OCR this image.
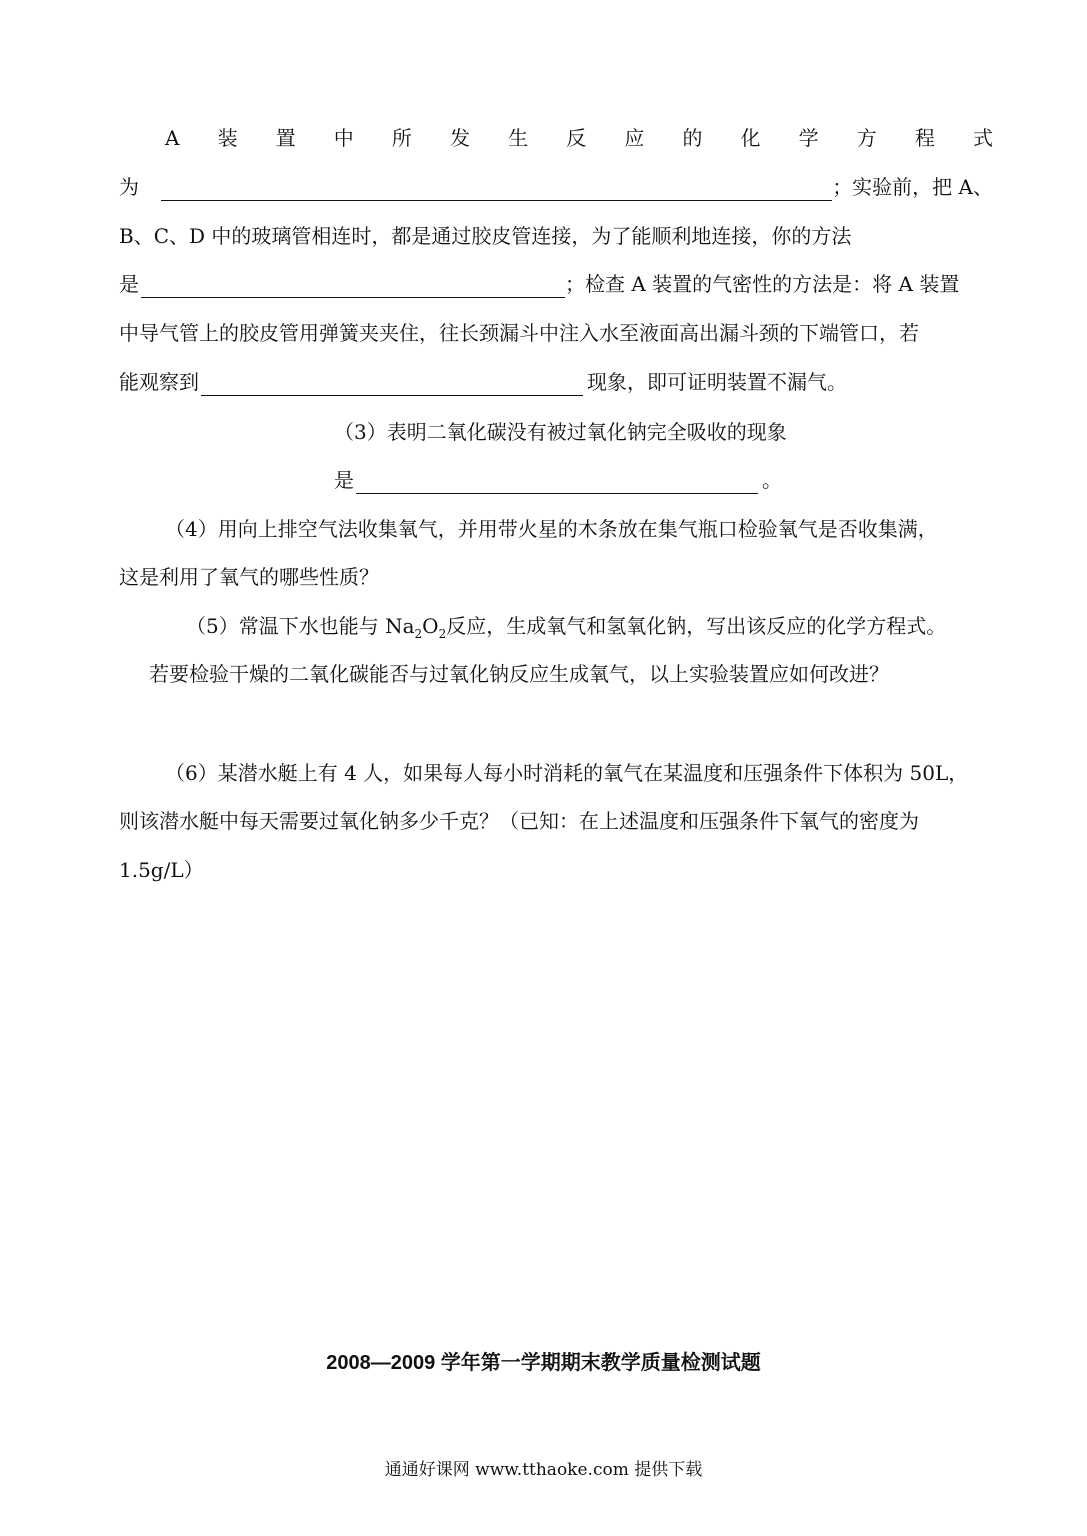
A 装 置 中 所 发 生 反 应 的 化 学 方 程 式
为	；实验前，把 A、
B、C、D 中的玻璃管相连时，都是通过胶皮管连接，为了能顺利地连接，你的方法
是	；检查 A 装置的气密性的方法是：将 A 装置
中导气管上的胶皮管用弹簧夹夹住，往长颈漏斗中注入水至液面高出漏斗颈的下端管口，若
能观察到	现象，即可证明装置不漏气。
（3）表明二氧化碳没有被过氧化钠完全吸收的现象
是	。
（4）用向上排空气法收集氧气，并用带火星的木条放在集气瓶口检验氧气是否收集满，
这是利用了氧气的哪些性质？
（5）常温下水也能与 $Na_2O_2$反应，生成氧气和氢氧化钠，写出该反应的化学方程式。
若要检验干燥的二氧化碳能否与过氧化钠反应生成氧气，以上实验装置应如何改进？
（6）某潜水艇上有 4 人，如果每人每小时消耗的氧气在某温度和压强条件下体积为 50L，
则该潜水艇中每天需要过氧化钠多少千克？（已知：在上述温度和压强条件下氧气的密度为
1.5g/L）
2008—2009 学年第一学期期末教学质量检测试题
通通好课网 www.tthaoke.com 提供下载
